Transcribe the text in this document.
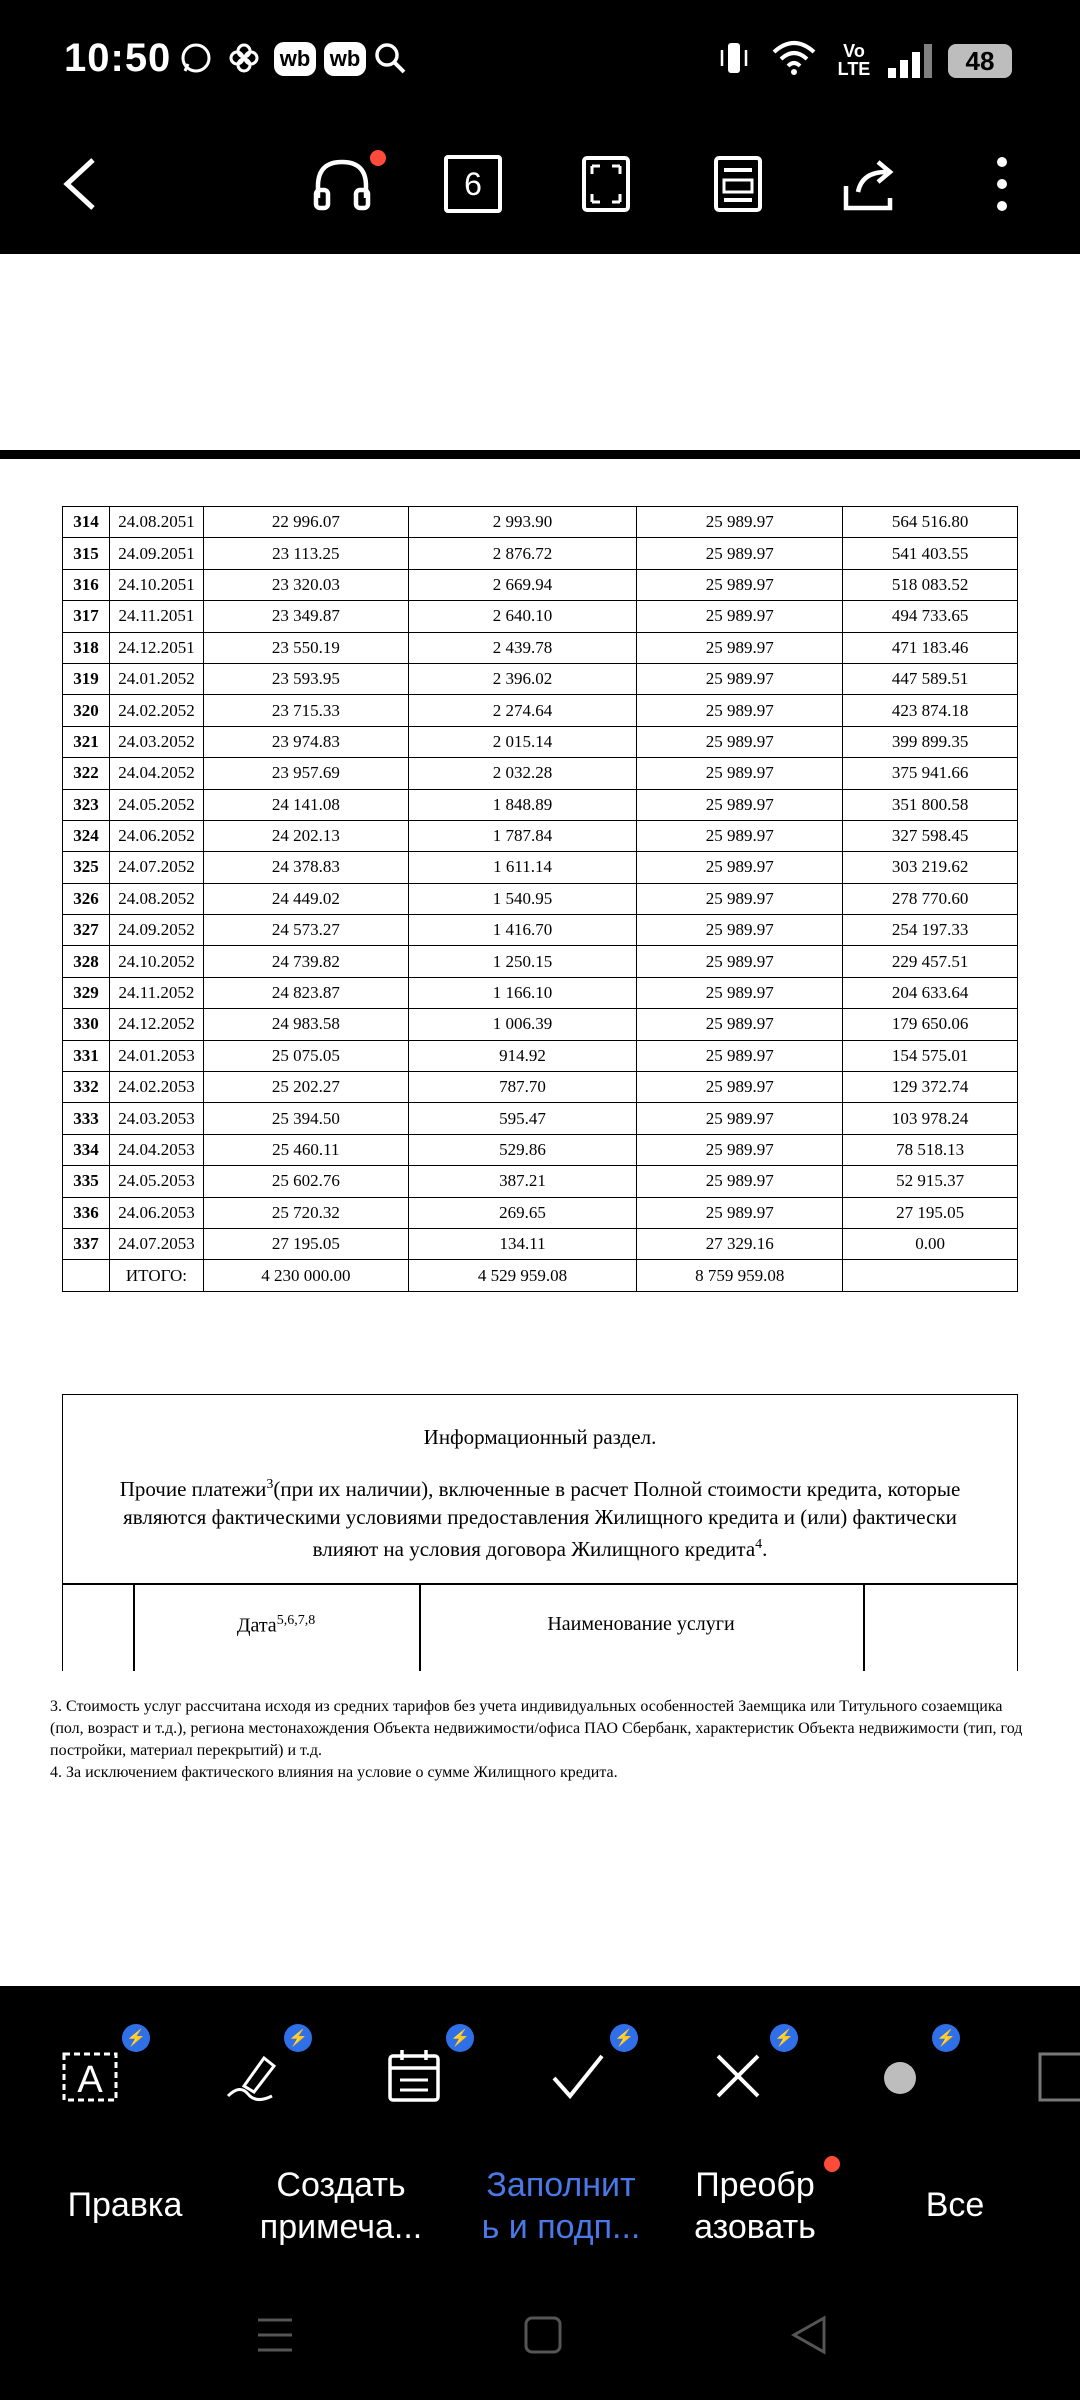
10:50	wb wb	Vo LTE	48
6
314	24.08.2051	22 996.07	2 993.90	25 989.97	564 516.80
315	24.09.2051	23 113.25	2 876.72	25 989.97	541 403.55
316	24.10.2051	23 320.03	2 669.94	25 989.97	518 083.52
317	24.11.2051	23 349.87	2 640.10	25 989.97	494 733.65
318	24.12.2051	23 550.19	2 439.78	25 989.97	471 183.46
319	24.01.2052	23 593.95	2 396.02	25 989.97	447 589.51
320	24.02.2052	23 715.33	2 274.64	25 989.97	423 874.18
321	24.03.2052	23 974.83	2 015.14	25 989.97	399 899.35
322	24.04.2052	23 957.69	2 032.28	25 989.97	375 941.66
323	24.05.2052	24 141.08	1 848.89	25 989.97	351 800.58
324	24.06.2052	24 202.13	1 787.84	25 989.97	327 598.45
325	24.07.2052	24 378.83	1 611.14	25 989.97	303 219.62
326	24.08.2052	24 449.02	1 540.95	25 989.97	278 770.60
327	24.09.2052	24 573.27	1 416.70	25 989.97	254 197.33
328	24.10.2052	24 739.82	1 250.15	25 989.97	229 457.51
329	24.11.2052	24 823.87	1 166.10	25 989.97	204 633.64
330	24.12.2052	24 983.58	1 006.39	25 989.97	179 650.06
331	24.01.2053	25 075.05	914.92	25 989.97	154 575.01
332	24.02.2053	25 202.27	787.70	25 989.97	129 372.74
333	24.03.2053	25 394.50	595.47	25 989.97	103 978.24
334	24.04.2053	25 460.11	529.86	25 989.97	78 518.13
335	24.05.2053	25 602.76	387.21	25 989.97	52 915.37
336	24.06.2053	25 720.32	269.65	25 989.97	27 195.05
337	24.07.2053	27 195.05	134.11	27 329.16	0.00
	ИТОГО:	4 230 000.00	4 529 959.08	8 759 959.08	
Информационный раздел.
Прочие платежи$^3$(при их наличии), включенные в расчет Полной стоимости кредита, которые являются фактическими условиями предоставления Жилищного кредита и (или) фактически влияют на условия договора Жилищного кредита$^4$.
Дата$^{5,6,7,8}$	Наименование услуги
3. Стоимость услуг рассчитана исходя из средних тарифов без учета индивидуальных особенностей Заемщика или Титульного созаемщика (пол, возраст и т.д.), региона местонахождения Объекта недвижимости/офиса ПАО Сбербанк, характеристик Объекта недвижимости (тип, год постройки, материал перекрытий) и т.д.
4. За исключением фактического влияния на условие о сумме Жилищного кредита.
A
⚡	⚡	⚡	⚡	⚡	⚡
Правка
Создать
примеча...
Заполнит
ь и подп...
Преобр
азовать
Все
